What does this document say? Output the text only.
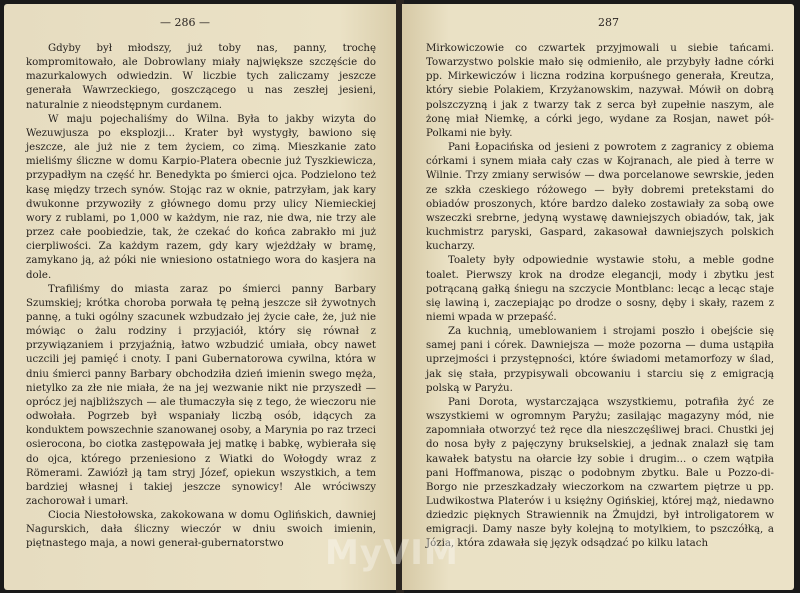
— 286 —

Gdyby był młodszy, już toby nas, panny, trochę kompromitowało, ale Dobrowlany miały największe szczęście do mazurkalowych odwiedzin. W liczbie tych zaliczamy jeszcze generała Wawrzeckiego, goszczącego u nas zeszłej jesieni, naturalnie z nieodstępnym curdanem.

W maju pojechaliśmy do Wilna. Była to jakby wizyta do Wezuwjusza po eksplozji... Krater był wystygły, bawiono się jeszcze, ale już nie z tem życiem, co zimą. Mieszkanie zato mieliśmy śliczne w domu Karpio-Platera obecnie już Tyszkiewicza, przypadłym na część hr. Benedykta po śmierci ojca. Podzielono też kasę między trzech synów. Stojąc raz w oknie, patrzyłam, jak kary dwukonne przywoziły z głównego domu przy ulicy Niemieckiej wory z rublami, po 1,000 w każdym, nie raz, nie dwa, nie trzy ale przez całe poobiedzie, tak, że czekać do końca zabrakło mi już cierpliwości. Za każdym razem, gdy kary wjeżdżały w bramę, zamykano ją, aż póki nie wniesiono ostatniego wora do kasjera na dole.

Trafiliśmy do miasta zaraz po śmierci panny Barbary Szumskiej; krótka choroba porwała tę pełną jeszcze sił żywotnych pannę, a tuki ogólny szacunek wzbudzało jej życie całe, że, już nie mówiąc o żalu rodziny i przyjaciół, który się równał z przywiązaniem i przyjaźnią, łatwo wzbudzić umiała, obcy nawet uczcili jej pamięć i cnoty. I pani Gubernatorowa cywilna, która w dniu śmierci panny Barbary obchodziła dzień imienin swego męża, nietylko za złe nie miała, że na jej wezwanie nikt nie przyszedł — oprócz jej najbliższych — ale tłumaczyła się z tego, że wieczoru nie odwołała. Pogrzeb był wspaniały liczbą osób, idących za konduktem powszechnie szanowanej osoby, a Marynia po raz trzeci osierocona, bo ciotka zastępowała jej matkę i babkę, wybierała się do ojca, którego przeniesiono z Wiatki do Wołogdy wraz z Römerami. Zawiózł ją tam stryj Józef, opiekun wszystkich, a tem bardziej własnej i takiej jeszcze synowicy! Ale wróciwszy zachorował i umarł.

Ciocia Niestołowska, zakokowana w domu Oglińskich, dawniej Nagurskich, dała śliczny wieczór w dniu swoich imienin, piętnastego maja, a nowi generał-gubernatorstwo

287

Mirkowiczowie co czwartek przyjmowali u siebie tańcami. Towarzystwo polskie mało się odmieniło, ale przybyły ładne córki pp. Mirkewiczów i liczna rodzina korpuśnego generała, Kreutza, który siebie Polakiem, Krzyżanowskim, nazywał. Mówił on dobrą polszczyzną i jak z twarzy tak z serca był zupełnie naszym, ale żonę miał Niemkę, a córki jego, wydane za Rosjan, nawet pół-Polkami nie były.

Pani Łopacińska od jesieni z powrotem z zagranicy z obiema córkami i synem miała cały czas w Kojranach, ale pied à terre w Wilnie. Trzy zmiany serwisów — dwa porcelanowe sewrskie, jeden ze szkła czeskiego różowego — były dobremi pretekstami do obiadów proszonych, które bardzo daleko zostawiały za sobą owe wszeczki srebrne, jedyną wystawę dawniejszych obiadów, tak, jak kuchmistrz paryski, Gaspard, zakasował dawniejszych polskich kucharzy.

Toalety były odpowiednie wystawie stołu, a meble godne toalet. Pierwszy krok na drodze elegancji, mody i zbytku jest potrącaną gałką śniegu na szczycie Montblanc: lecąc a lecąc staje się lawiną i, zaczepiając po drodze o sosny, dęby i skały, razem z niemi wpada w przepaść.

Za kuchnią, umeblowaniem i strojami poszło i obejście się samej pani i córek. Dawniejsza — może pozorna — duma ustąpiła uprzejmości i przystępności, które świadomi metamorfozy w ślad, jak się stała, przypisywali obcowaniu i starciu się z emigracją polską w Paryżu.

Pani Dorota, wystarczająca wszystkiemu, potrafiła żyć ze wszystkiemi w ogromnym Paryżu; zasilając magazyny mód, nie zapomniała otworzyć też ręce dla nieszczęśliwej braci. Chustki jej do nosa były z pajęczyny brukselskiej, a jednak znalazł się tam kawałek batystu na ołarcie łzy sobie i drugim... o czem wątpiła pani Hoffmanowa, pisząc o podobnym zbytku. Bale u Pozzo-di-Borgo nie przeszkadzały wieczorkom na czwartem piętrze u pp. Ludwikostwa Platerów i u księżny Ogińskiej, której mąż, niedawno dziedzic pięknych Strawiennik na Żmujdzi, był introligatorem w emigracji. Damy nasze były kolejną to motylkiem, to pszczółką, a Józia, która zdawała się język odsądzać po kilku latach

MyVIM
